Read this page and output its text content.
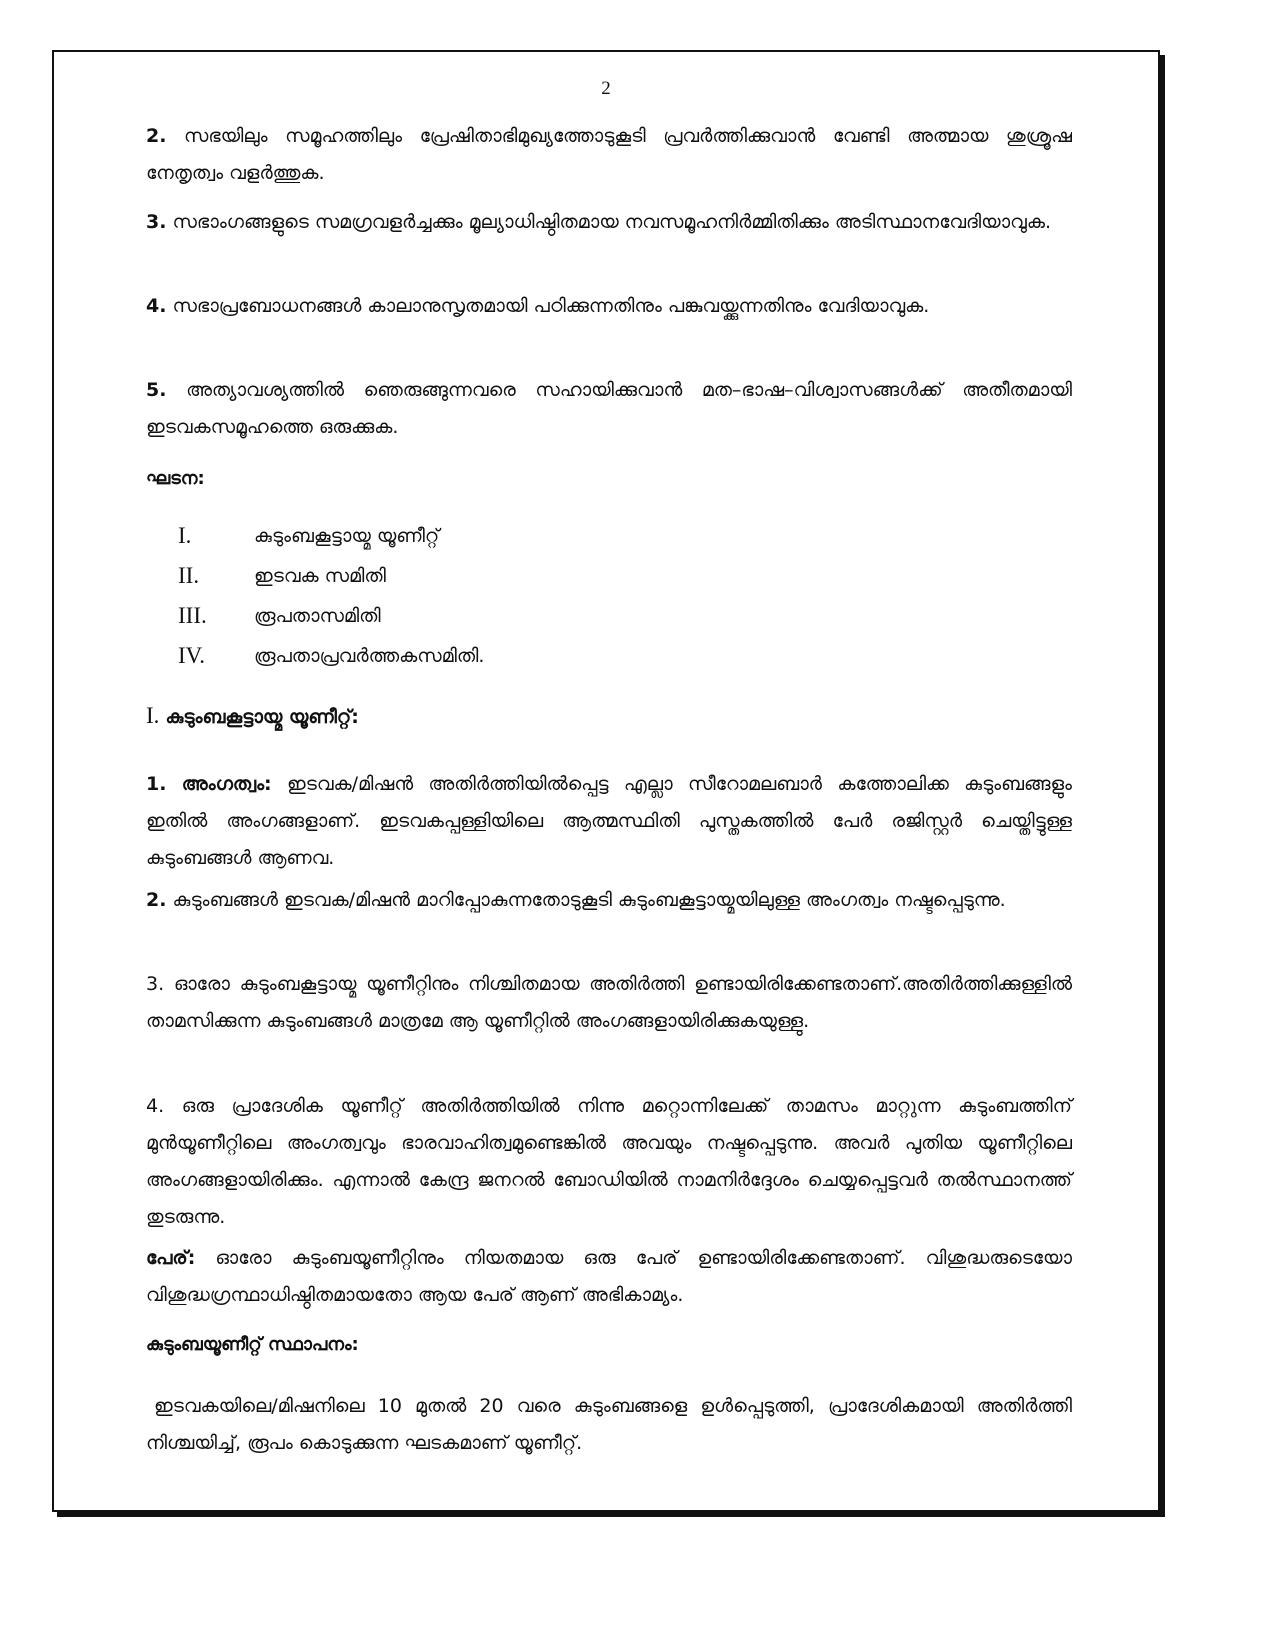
2

2. സഭയിലും സമൂഹത്തിലും പ്രേഷിതാഭിമുഖ്യത്തോടുകൂടി പ്രവർത്തിക്കുവാൻ വേണ്ടി അത്മായ ശുശ്രൂഷ നേതൃത്വം വളർത്തുക.

3. സഭാംഗങ്ങളുടെ സമഗ്രവളർച്ചക്കും മൂല്യാധിഷ്ഠിതമായ നവസമൂഹനിർമ്മിതിക്കും അടിസ്ഥാനവേദിയാവുക.

4. സഭാപ്രബോധനങ്ങൾ കാലാനുസൃതമായി പഠിക്കുന്നതിനും പങ്കുവയ്ക്കുന്നതിനും വേദിയാവുക.

5. അത്യാവശ്യത്തിൽ ഞെരുങ്ങുന്നവരെ സഹായിക്കുവാൻ മത–ഭാഷ–വിശ്വാസങ്ങൾക്ക് അതീതമായി ഇടവകസമൂഹത്തെ ഒരുക്കുക.

ഘടന:

I.	കുടുംബകൂട്ടായ്മ യൂണീറ്റ്
II.	ഇടവക സമിതി
III. രൂപതാസമിതി
IV.	രൂപതാപ്രവർത്തകസമിതി.

I. കുടുംബകൂട്ടായ്മ യൂണീറ്റ്:

1. അംഗത്വം: ഇടവക/മിഷൻ അതിർത്തിയിൽപ്പെട്ട എല്ലാ സീറോമലബാർ കത്തോലിക്ക കുടുംബങ്ങളും ഇതിൽ അംഗങ്ങളാണ്. ഇടവകപ്പള്ളിയിലെ ആത്മസ്ഥിതി പുസ്തകത്തിൽ പേർ രജിസ്റ്റർ ചെയ്തിട്ടുള്ള കുടുംബങ്ങൾ ആണവ.

2. കുടുംബങ്ങൾ ഇടവക/മിഷൻ മാറിപ്പോകുന്നതോടുകൂടി കുടുംബകൂട്ടായ്മയിലുള്ള അംഗത്വം നഷ്ടപ്പെടുന്നു.

3. ഓരോ കുടുംബകൂട്ടായ്മ യൂണീറ്റിനും നിശ്ചിതമായ അതിർത്തി ഉണ്ടായിരിക്കേണ്ടതാണ്.അതിർത്തിക്കുള്ളിൽ താമസിക്കുന്ന കുടുംബങ്ങൾ മാത്രമേ ആ യൂണീറ്റിൽ അംഗങ്ങളായിരിക്കുകയുള്ളു.

4. ഒരു പ്രാദേശിക യൂണീറ്റ് അതിർത്തിയിൽ നിന്നു മറ്റൊന്നിലേക്ക് താമസം മാറ്റുന്ന കുടുംബത്തിന് മുൻയൂണീറ്റിലെ അംഗത്വവും ഭാരവാഹിത്വമുണ്ടെങ്കിൽ അവയും നഷ്ടപ്പെടുന്നു. അവർ പുതിയ യൂണീറ്റിലെ അംഗങ്ങളായിരിക്കും. എന്നാൽ കേന്ദ്ര ജനറൽ ബോഡിയിൽ നാമനിർദ്ദേശം ചെയ്യപ്പെട്ടവർ തൽസ്ഥാനത്ത് തുടരുന്നു.

പേര്: ഓരോ കുടുംബയൂണീറ്റിനും നിയതമായ ഒരു പേര് ഉണ്ടായിരിക്കേണ്ടതാണ്. വിശുദ്ധരുടെയോ വിശുദ്ധഗ്രന്ഥാധിഷ്ഠിതമായതോ ആയ പേര് ആണ് അഭികാമ്യം.

കുടുംബയൂണീറ്റ് സ്ഥാപനം:

ഇടവകയിലെ/മിഷനിലെ 10 മുതൽ 20 വരെ കുടുംബങ്ങളെ ഉൾപ്പെടുത്തി, പ്രാദേശികമായി അതിർത്തി നിശ്ചയിച്ച്, രൂപം കൊടുക്കുന്ന ഘടകമാണ് യൂണീറ്റ്.
